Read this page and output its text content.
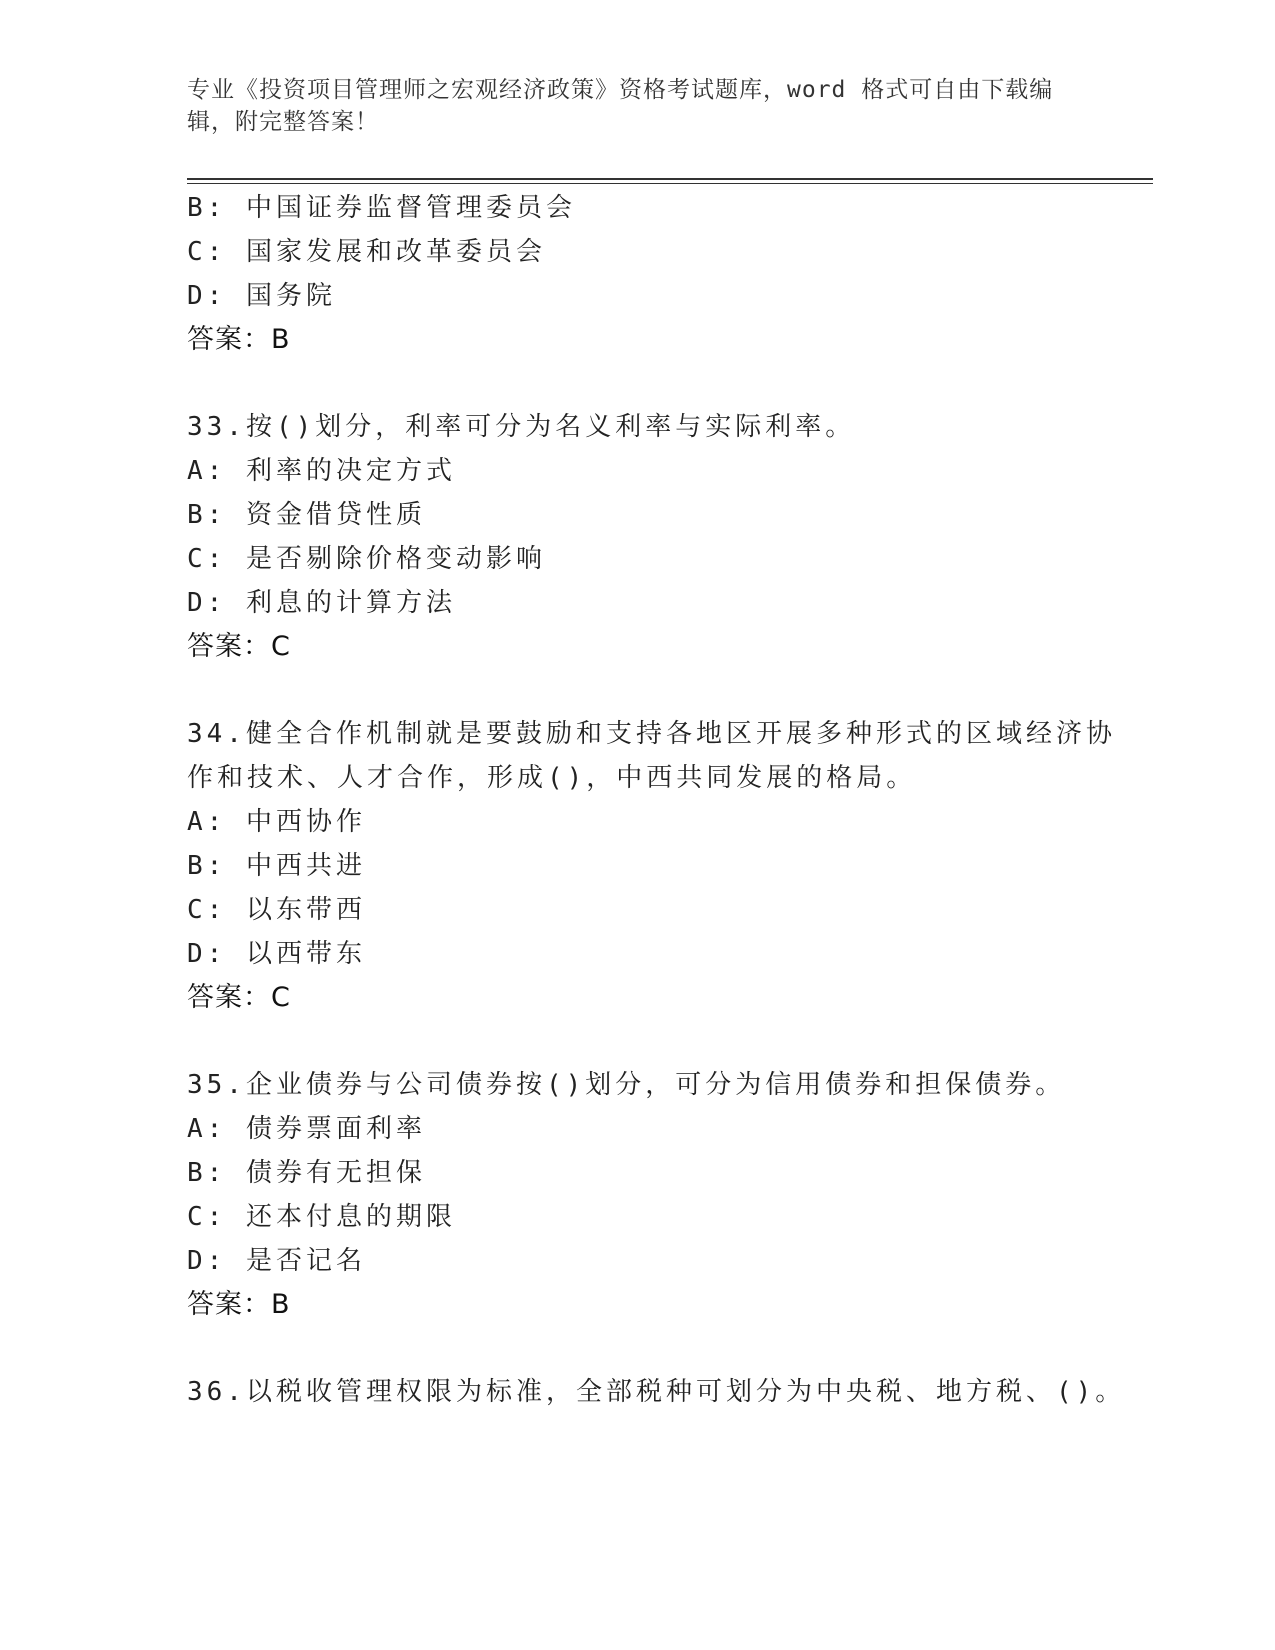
专业《投资项目管理师之宏观经济政策》资格考试题库，word 格式可自由下载编
辑，附完整答案！
B: 中国证券监督管理委员会
C: 国家发展和改革委员会
D: 国务院
答案：B
33.按()划分，利率可分为名义利率与实际利率。
A: 利率的决定方式
B: 资金借贷性质
C: 是否剔除价格变动影响
D: 利息的计算方法
答案：C
34.健全合作机制就是要鼓励和支持各地区开展多种形式的区域经济协
作和技术、人才合作，形成()，中西共同发展的格局。
A: 中西协作
B: 中西共进
C: 以东带西
D: 以西带东
答案：C
35.企业债券与公司债券按()划分，可分为信用债券和担保债券。
A: 债券票面利率
B: 债券有无担保
C: 还本付息的期限
D: 是否记名
答案：B
36.以税收管理权限为标准，全部税种可划分为中央税、地方税、()。
